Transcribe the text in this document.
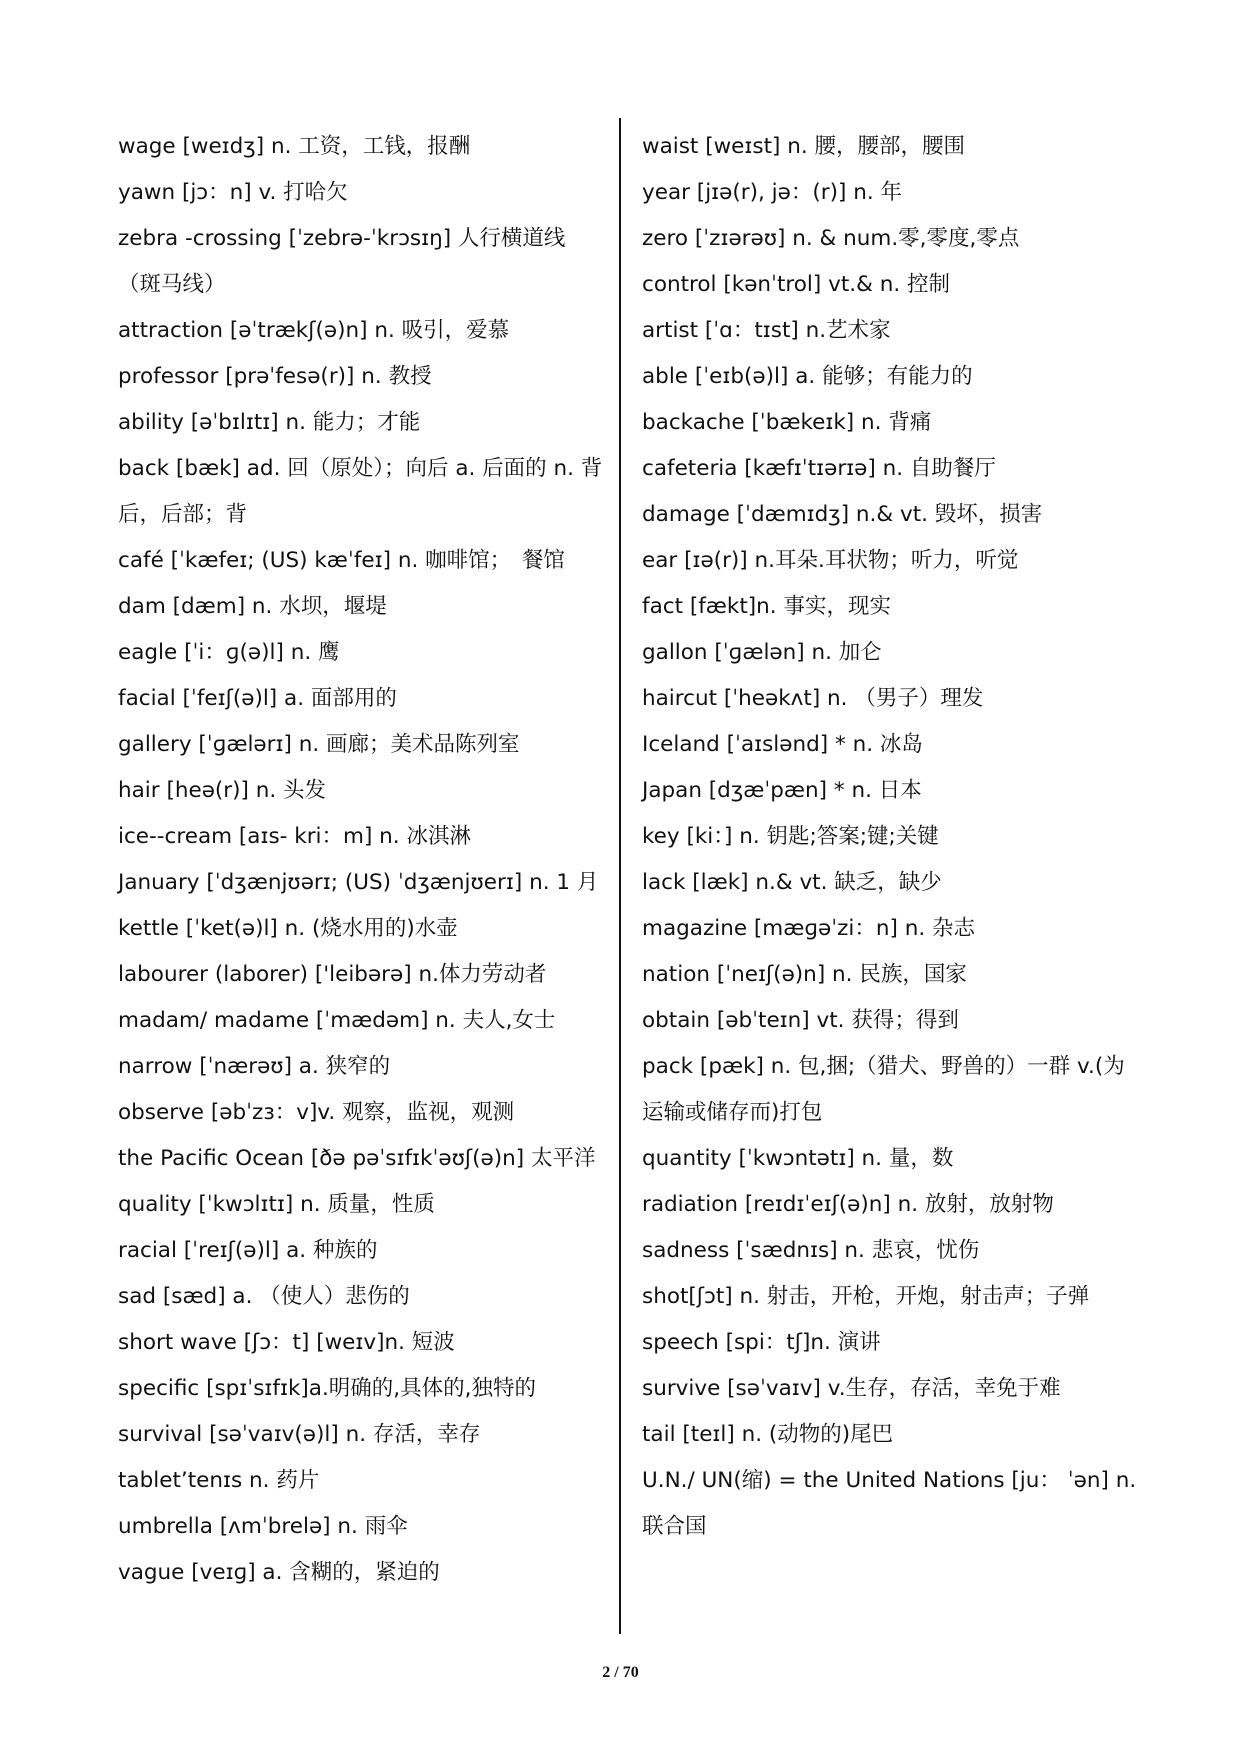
wage [weɪdʒ] n. 工资，工钱，报酬
yawn [jɔ：n] v. 打哈欠
zebra -crossing [ˈzebrə-ˈkrɔsɪŋ] 人行横道线（斑马线）
attraction [əˈtrækʃ(ə)n] n. 吸引，爱慕
professor [prəˈfesə(r)] n. 教授
ability [əˈbɪlɪtɪ] n. 能力；才能
back [bæk] ad. 回（原处）；向后 a. 后面的 n. 背后，后部；背
café [ˈkæfeɪ; (US) kæˈfeɪ] n. 咖啡馆；　餐馆
dam [dæm] n. 水坝，堰堤
eagle [ˈi：ɡ(ə)l] n. 鹰
facial [ˈfeɪʃ(ə)l] a. 面部用的
gallery [ˈɡælərɪ] n. 画廊；美术品陈列室
hair [heə(r)] n. 头发
ice--cream [aɪs- kri：m] n. 冰淇淋
January [ˈdʒænjʊərɪ; (US) ˈdʒænjʊerɪ] n. 1 月
kettle [ˈket(ə)l] n. (烧水用的)水壶
labourer (laborer) ['leibərə] n.体力劳动者
madam/ madame [ˈmædəm] n. 夫人,女士
narrow [ˈnærəʊ] a. 狭窄的
observe [əbˈzɜ：v]v. 观察，监视，观测
the Pacific Ocean [ðə pəˈsɪfɪkˈəʊʃ(ə)n] 太平洋
quality [ˈkwɔlɪtɪ] n. 质量，性质
racial [ˈreɪʃ(ə)l] a. 种族的
sad [sæd] a. （使人）悲伤的
short wave [ʃɔ：t] [weɪv]n. 短波
specific [spɪˈsɪfɪk]a.明确的,具体的,独特的
survival [səˈvaɪv(ə)l] n. 存活，幸存
tablet’tenɪs n. 药片
umbrella [ʌmˈbrelə] n. 雨伞
vague [veɪɡ] a. 含糊的，紧迫的
waist [weɪst] n. 腰，腰部，腰围
year [jɪə(r), jə：(r)] n. 年
zero [ˈzɪərəʊ] n. & num.零,零度,零点
control [kənˈtrol] vt.& n. 控制
artist [ˈɑ：tɪst] n.艺术家
able [ˈeɪb(ə)l] a. 能够；有能力的
backache [ˈbækeɪk] n. 背痛
cafeteria [kæfɪˈtɪərɪə] n. 自助餐厅
damage [ˈdæmɪdʒ] n.& vt. 毁坏，损害
ear [ɪə(r)] n.耳朵.耳状物；听力，听觉
fact [fækt]n. 事实，现实
gallon [ˈɡælən] n. 加仑
haircut [ˈheəkʌt] n. （男子）理发
Iceland [ˈaɪslənd] * n. 冰岛
Japan [dʒæˈpæn] * n. 日本
key [ki：] n. 钥匙;答案;键;关键
lack [læk] n.& vt. 缺乏，缺少
magazine [mæɡəˈzi：n] n. 杂志
nation [ˈneɪʃ(ə)n] n. 民族，国家
obtain [əbˈteɪn] vt. 获得；得到
pack [pæk] n. 包,捆;（猎犬、野兽的）一群 v.(为运输或储存而)打包
quantity [ˈkwɔntətɪ] n. 量，数
radiation [reɪdɪˈeɪʃ(ə)n] n. 放射，放射物
sadness [ˈsædnɪs] n. 悲哀，忧伤
shot[ʃɔt] n. 射击，开枪，开炮，射击声；子弹
speech [spi：tʃ]n. 演讲
survive [səˈvaɪv] v.生存，存活，幸免于难
tail [teɪl] n. (动物的)尾巴
U.N./ UN(缩) = the United Nations [ju： ˈən] n. 联合国
2 / 70
